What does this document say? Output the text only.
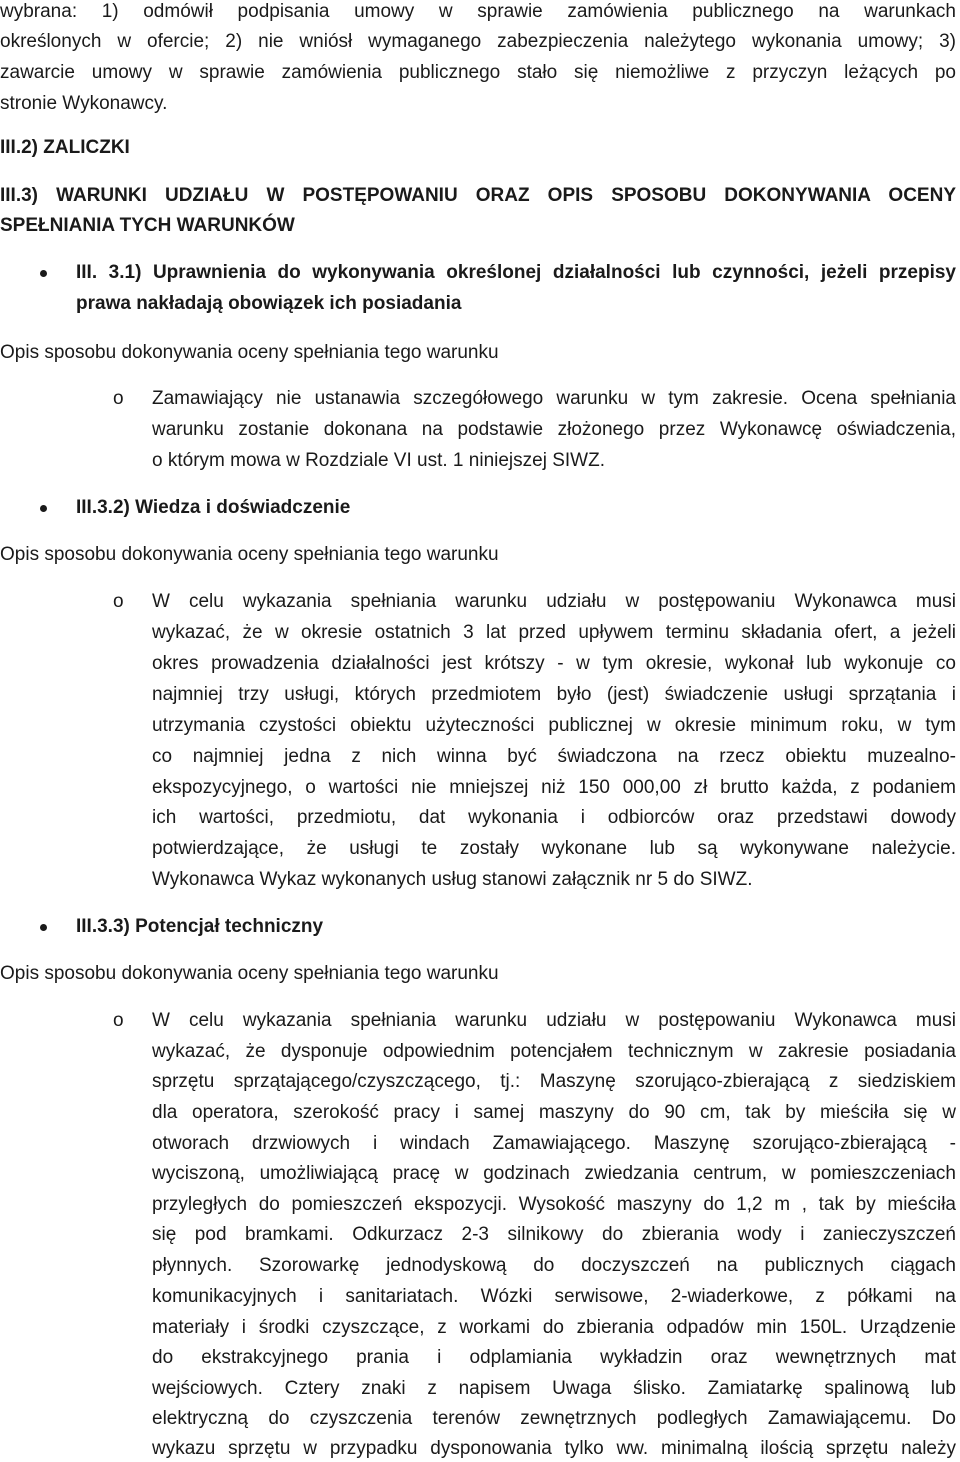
wybrana: 1) odmówił podpisania umowy w sprawie zamówienia publicznego na warunkach
określonych w ofercie; 2) nie wniósł wymaganego zabezpieczenia należytego wykonania umowy; 3)
zawarcie umowy w sprawie zamówienia publicznego stało się niemożliwe z przyczyn leżących po
stronie Wykonawcy.
III.2) ZALICZKI
III.3) WARUNKI UDZIAŁU W POSTĘPOWANIU ORAZ OPIS SPOSOBU DOKONYWANIA OCENY
SPEŁNIANIA TYCH WARUNKÓW
III. 3.1) Uprawnienia do wykonywania określonej działalności lub czynności, jeżeli przepisy
prawa nakładają obowiązek ich posiadania
Opis sposobu dokonywania oceny spełniania tego warunku
o Zamawiający nie ustanawia szczegółowego warunku w tym zakresie. Ocena spełniania
warunku zostanie dokonana na podstawie złożonego przez Wykonawcę oświadczenia,
o którym mowa w Rozdziale VI ust. 1 niniejszej SIWZ.
III.3.2) Wiedza i doświadczenie
Opis sposobu dokonywania oceny spełniania tego warunku
o W celu wykazania spełniania warunku udziału w postępowaniu Wykonawca musi
wykazać, że w okresie ostatnich 3 lat przed upływem terminu składania ofert, a jeżeli
okres prowadzenia działalności jest krótszy - w tym okresie, wykonał lub wykonuje co
najmniej trzy usługi, których przedmiotem było (jest) świadczenie usługi sprzątania i
utrzymania czystości obiektu użyteczności publicznej w okresie minimum roku, w tym
co najmniej jedna z nich winna być świadczona na rzecz obiektu muzealno-
ekspozycyjnego, o wartości nie mniejszej niż 150 000,00 zł brutto każda, z podaniem
ich wartości, przedmiotu, dat wykonania i odbiorców oraz przedstawi dowody
potwierdzające, że usługi te zostały wykonane lub są wykonywane należycie.
Wykonawca Wykaz wykonanych usług stanowi załącznik nr 5 do SIWZ.
III.3.3) Potencjał techniczny
Opis sposobu dokonywania oceny spełniania tego warunku
o W celu wykazania spełniania warunku udziału w postępowaniu Wykonawca musi
wykazać, że dysponuje odpowiednim potencjałem technicznym w zakresie posiadania
sprzętu sprzątającego/czyszczącego, tj.: Maszynę szorująco-zbierającą z siedziskiem
dla operatora, szerokość pracy i samej maszyny do 90 cm, tak by mieściła się w
otworach drzwiowych i windach Zamawiającego. Maszynę szorująco-zbierającą -
wyciszoną, umożliwiającą pracę w godzinach zwiedzania centrum, w pomieszczeniach
przyległych do pomieszczeń ekspozycji. Wysokość maszyny do 1,2 m , tak by mieściła
się pod bramkami. Odkurzacz 2-3 silnikowy do zbierania wody i zanieczyszczeń
płynnych. Szorowarkę jednodyskową do doczyszczeń na publicznych ciągach
komunikacyjnych i sanitariatach. Wózki serwisowe, 2-wiaderkowe, z półkami na
materiały i środki czyszczące, z workami do zbierania odpadów min 150L. Urządzenie
do ekstrakcyjnego prania i odplamiania wykładzin oraz wewnętrznych mat
wejściowych. Cztery znaki z napisem Uwaga ślisko. Zamiatarkę spalinową lub
elektryczną do czyszczenia terenów zewnętrznych podległych Zamawiającemu. Do
wykazu sprzętu w przypadku dysponowania tylko ww. minimalną ilością sprzętu należy
